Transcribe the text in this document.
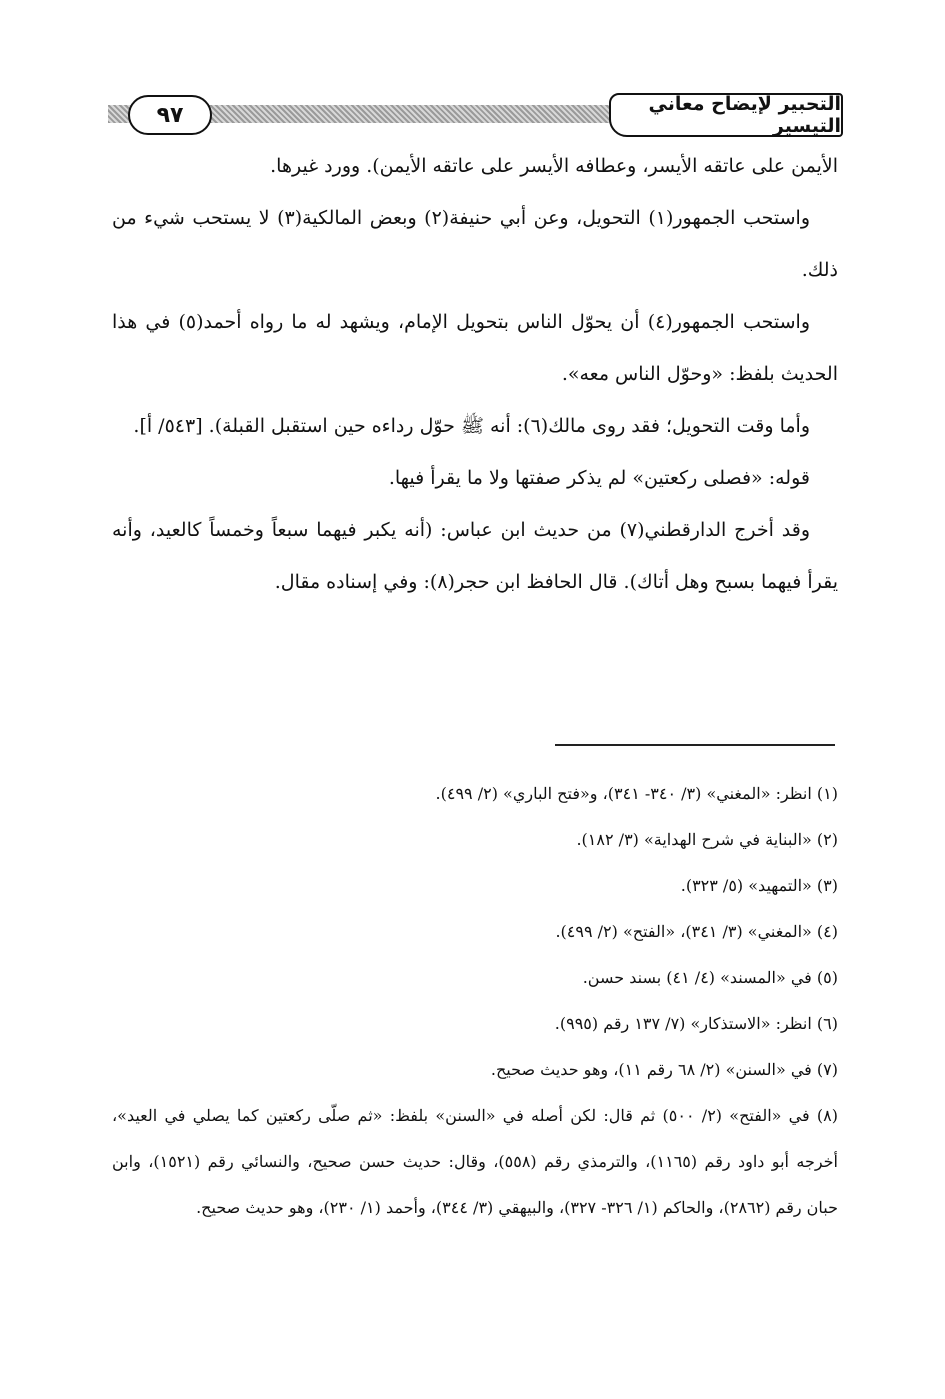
٩٧	التحبير لإيضاح معاني التيسير

الأيمن على عاتقه الأيسر، وعطافه الأيسر على عاتقه الأيمن). وورد غيرها.

واستحب الجمهور(١) التحويل، وعن أبي حنيفة(٢) وبعض المالكية(٣) لا يستحب شيء من ذلك.

واستحب الجمهور(٤) أن يحوّل الناس بتحويل الإمام، ويشهد له ما رواه أحمد(٥) في هذا الحديث بلفظ: «وحوّل الناس معه».

وأما وقت التحويل؛ فقد روى مالك(٦): أنه ﷺ حوّل رداءه حين استقبل القبلة). [٥٤٣/ أ].

قوله: «فصلى ركعتين» لم يذكر صفتها ولا ما يقرأ فيها.

وقد أخرج الدارقطني(٧) من حديث ابن عباس: (أنه يكبر فيهما سبعاً وخمساً كالعيد، وأنه يقرأ فيهما بسبح وهل أتاك). قال الحافظ ابن حجر(٨): وفي إسناده مقال.

(١) انظر: «المغني» (٣/ ٣٤٠- ٣٤١)، و«فتح الباري» (٢/ ٤٩٩).

(٢) «البناية في شرح الهداية» (٣/ ١٨٢).

(٣) «التمهيد» (٥/ ٣٢٣).

(٤) «المغني» (٣/ ٣٤١)، «الفتح» (٢/ ٤٩٩).

(٥) في «المسند» (٤/ ٤١) بسند حسن.

(٦) انظر: «الاستذكار» (٧/ ١٣٧ رقم (٩٩٥).

(٧) في «السنن» (٢/ ٦٨ رقم ١١)، وهو حديث صحيح.

(٨) في «الفتح» (٢/ ٥٠٠) ثم قال: لكن أصله في «السنن» بلفظ: «ثم صلّى ركعتين كما يصلي في العيد»، أخرجه أبو داود رقم (١١٦٥)، والترمذي رقم (٥٥٨)، وقال: حديث حسن صحيح، والنسائي رقم (١٥٢١)، وابن حبان رقم (٢٨٦٢)، والحاكم (١/ ٣٢٦- ٣٢٧)، والبيهقي (٣/ ٣٤٤)، وأحمد (١/ ٢٣٠)، وهو حديث صحيح.
